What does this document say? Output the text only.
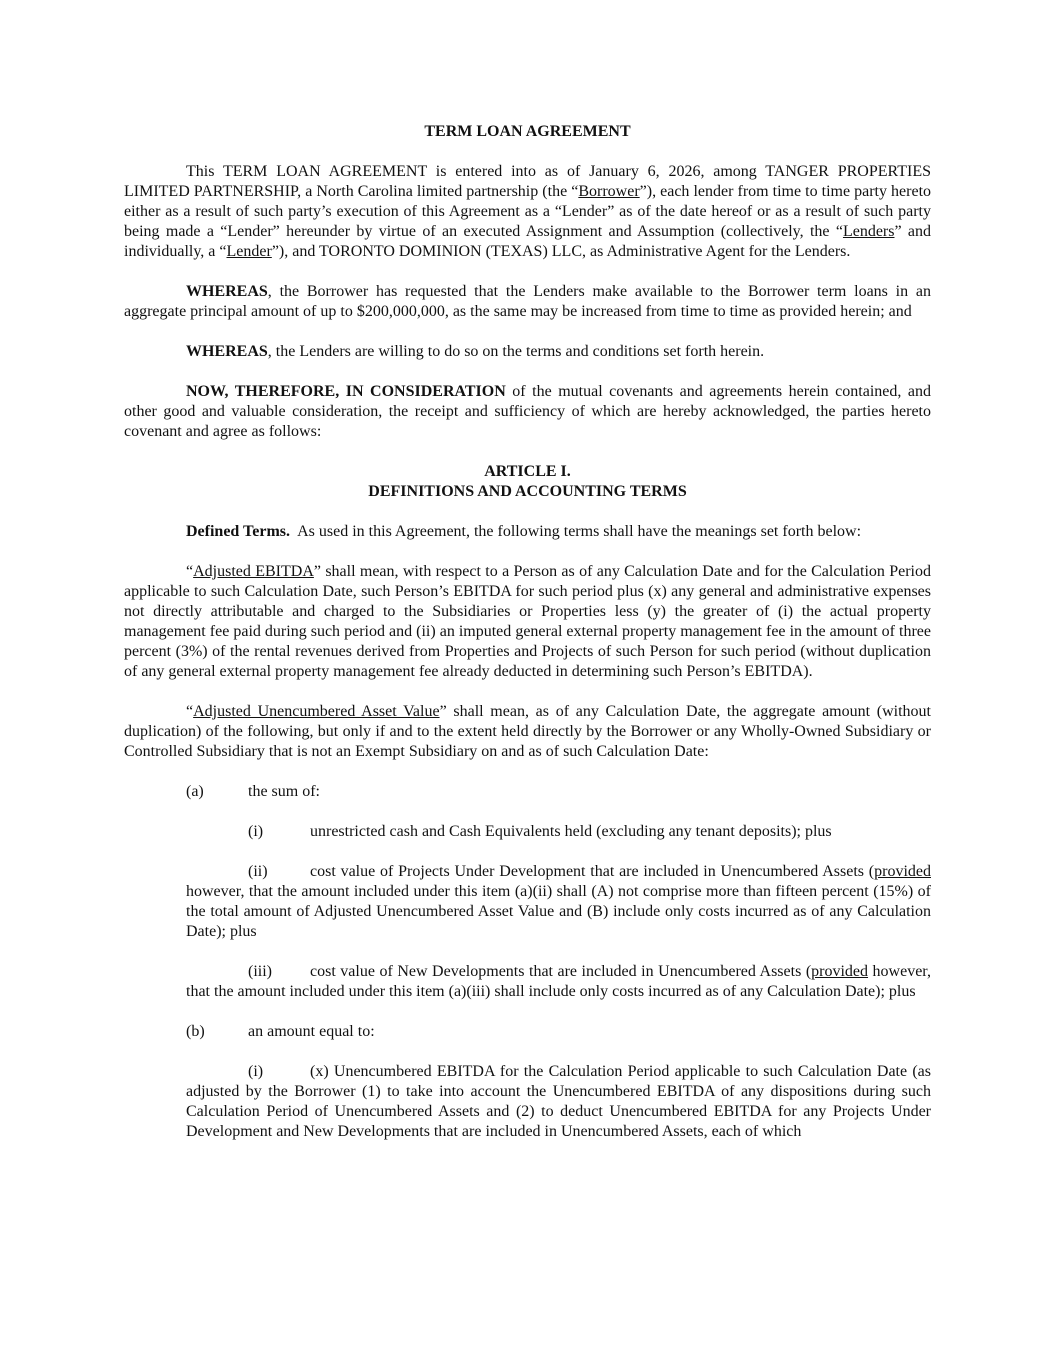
TERM LOAN AGREEMENT

This TERM LOAN AGREEMENT is entered into as of January 6, 2026, among TANGER PROPERTIES LIMITED PARTNERSHIP, a North Carolina limited partnership (the “Borrower”), each lender from time to time party hereto either as a result of such party’s execution of this Agreement as a “Lender” as of the date hereof or as a result of such party being made a “Lender” hereunder by virtue of an executed Assignment and Assumption (collectively, the “Lenders” and individually, a “Lender”), and TORONTO DOMINION (TEXAS) LLC, as Administrative Agent for the Lenders.

WHEREAS, the Borrower has requested that the Lenders make available to the Borrower term loans in an aggregate principal amount of up to $200,000,000, as the same may be increased from time to time as provided herein; and

WHEREAS, the Lenders are willing to do so on the terms and conditions set forth herein.

NOW, THEREFORE, IN CONSIDERATION of the mutual covenants and agreements herein contained, and other good and valuable consideration, the receipt and sufficiency of which are hereby acknowledged, the parties hereto covenant and agree as follows:

ARTICLE I.
DEFINITIONS AND ACCOUNTING TERMS

Defined Terms.  As used in this Agreement, the following terms shall have the meanings set forth below:

“Adjusted EBITDA” shall mean, with respect to a Person as of any Calculation Date and for the Calculation Period applicable to such Calculation Date, such Person’s EBITDA for such period plus (x) any general and administrative expenses not directly attributable and charged to the Subsidiaries or Properties less (y) the greater of (i) the actual property management fee paid during such period and (ii) an imputed general external property management fee in the amount of three percent (3%) of the rental revenues derived from Properties and Projects of such Person for such period (without duplication of any general external property management fee already deducted in determining such Person’s EBITDA).

“Adjusted Unencumbered Asset Value” shall mean, as of any Calculation Date, the aggregate amount (without duplication) of the following, but only if and to the extent held directly by the Borrower or any Wholly-Owned Subsidiary or Controlled Subsidiary that is not an Exempt Subsidiary on and as of such Calculation Date:

(a)	the sum of:

(i)	unrestricted cash and Cash Equivalents held (excluding any tenant deposits); plus

(ii)	cost value of Projects Under Development that are included in Unencumbered Assets (provided however, that the amount included under this item (a)(ii) shall (A) not comprise more than fifteen percent (15%) of the total amount of Adjusted Unencumbered Asset Value and (B) include only costs incurred as of any Calculation Date); plus

(iii) cost value of New Developments that are included in Unencumbered Assets (provided however, that the amount included under this item (a)(iii) shall include only costs incurred as of any Calculation Date); plus

(b)	an amount equal to:

(i)	(x) Unencumbered EBITDA for the Calculation Period applicable to such Calculation Date (as adjusted by the Borrower (1) to take into account the Unencumbered EBITDA of any dispositions during such Calculation Period of Unencumbered Assets and (2) to deduct Unencumbered EBITDA for any Projects Under Development and New Developments that are included in Unencumbered Assets, each of which
